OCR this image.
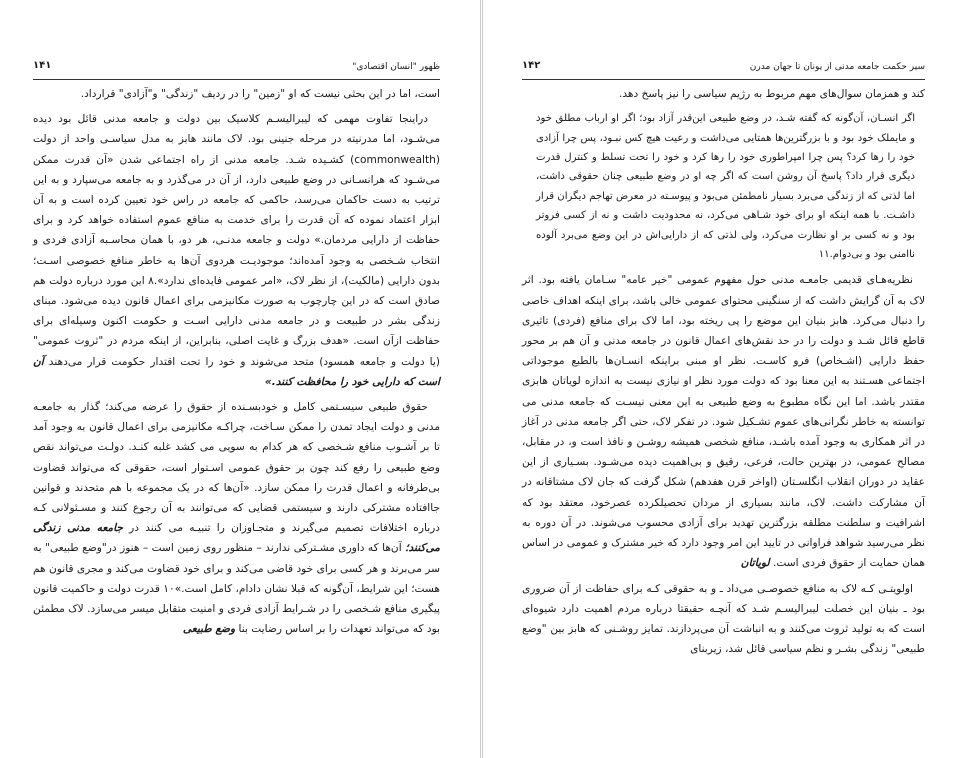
ظهور "انسان اقتصادی"
۱۴۱

است، اما در این بحثی نیست که او "زمین" را در ردیف "زندگی" و"آزادی" قرارداد.

دراینجا تفاوت مهمی که لیبرالیسـم کلاسیک بین دولت و جامعه مدنی قائل بود دیده می‌شـود، اما مدرنیته در مرحله جنینی بود. لاک مانند هابز به مدل سیاسـی واحد از دولت (commonwealth) کشـیده شـد. جامعه مدنی از راه اجتماعی شدن «آن قدرت ممکن می‌شـود که هرانسـانی در وضع طبیعی دارد، از آن در می‌گذرد و به جامعه می‌سپارد و به این ترتیب به دست حاکمان می‌رسد، حاکمی که جامعه در راس خود تعیین کرده است و به آن ابزار اعتماد نموده که آن قدرت را برای خدمت به منافع عموم استفاده خواهد کرد و برای حفاظت از دارایی مردمان.» دولت و جامعه مدنـی، هر دو، با همان محاسـبه آزادی فردی و انتخاب شـخصی به وجود آمده‌اند؛ موجودیـت هردوی آن‌ها به خاطر منافع خصوصی اسـت؛ بدون دارایی (مالکیت)، از نظر لاک، «امر عمومی فایده‌ای ندارد».۸ این مورد درباره دولت هم صادق است که در این چارچوب به صورت مکانیزمی برای اعمال قانون دیده می‌شود. مبنای زندگی بشر در طبیعت و در جامعه مدنی دارایی اسـت و حکومت اکنون وسیله‌ای برای حفاظت ازآن است. «هدف بزرگ و غایت اصلی، بنابراین، از اینکه مردم در "ثروت عمومی" (یا دولت و جامعه همسود) متحد می‌شوند و خود را تحت اقتدار حکومت قرار می‌دهند آن است که دارایی خود را محافظت کنند.»

حقوق طبیعی سیسـتمی کامل و خودبسـنده از حقوق را عرضه می‌کند؛ گذار به جامعـه مدنی و دولت ایجاد تمدن را ممکن سـاخت، چراکـه مکانیزمی برای اعمال قانون به وجود آمد تا بر آشـوب منافع شـخصی که هر کدام به سویی می کشد غلبه کنـد. دولـت می‌تواند نقص وضع طبیعی را رفع کند چون بر حقوق عمومی اسـتوار است، حقوقی که می‌تواند قضاوت بی‌طرفانه و اعمال قدرت را ممکن سازد. «آن‌ها که در یک مجموعه با هم متحدند و قوانین جاافتاده مشترکی دارند و سیستمی قضایی که می‌توانند به آن رجوع کنند و مسـئولانی کـه درباره اختلافات تصمیم می‌گیرند و متجـاوزان را تنبیـه می کنند در جامعه مدنی زندگی می‌کنند؛ آن‌ها که داوری مشـترکی ندارند – منظور روی زمین است – هنوز در"وضع طبیعی" به سر می‌برند و هر کسی برای خود قاضی می‌کند و برای خود قضاوت می‌کند و مجری قانون هم هست؛ این شرایط، آن‌گونه که قبلا نشان دادام، کامل است.»۱۰ قدرت دولت و حاکمیت قانون پیگیری منافع شـخصی را در شـرایط آزادی فردی و امنیت متقابل میسر می‌سازد. لاک مطمئن بود که می‌تواند تعهدات را بر اساس رضایت بنا وضع طبیعی

سیر حکمت جامعه مدنی از یونان تا جهان مدرن
۱۴۲

کند و همزمان سوال‌های مهم مربوط به رژیم سیاسی را نیز پاسخ دهد.

اگر انسـان، آن‌گونه که گفته شـد، در وضع طبیعی این‌قدر آزاد بود؛ اگر او ارباب مطلق خود و مایملک خود بود و با بزرگترین‌ها همتایی می‌داشت و رعیت هیچ کس نبـود، پس چرا آزادی خود را رها کرد؟ پس چرا امپراطوری خود را رها کرد و خود را تحت تسلط و کنترل قدرت دیگری قرار داد؟ پاسخ آن روشن است که اگر چه او در وضع طبیعی چنان حقوقی داشت، اما لذتی که از زندگی می‌برد بسیار نامطمئن می‌بود و پیوسـته در معرض تهاجم دیگران قرار داشـت. با همه اینکه او برای خود شـاهی می‌کرد، نه محدودیت داشت و نه از کسی فروتر بود و نه کسی بر او نظارت می‌کرد، ولی لذتی که از دارایی‌اش در این وضع می‌برد آلوده ناامنی بود و بی‌دوام.۱۱

نظریه‌هـای قدیمی جامعـه مدنی حول مفهوم عمومی "خیر عامه" سـامان یافته بود. اثر لاک به آن گرایش داشت که از سنگینی محتوای عمومی خالی باشد، برای اینکه اهداف خاصی را دنبال می‌کرد. هابز بنیان این موضع را پی ریخته بود، اما لاک برای منافع (فردی) تاثیری قاطع قائل شـد و دولت را در حد نقش‌های اعمال قانون در جامعه مدنی و آن هم بر محور حفظ دارایی (اشـخاص) فرو کاسـت. نظر او مبنی براینکه انسـان‌ها بالطبع موجوداتی اجتماعی هسـتند به این معنا بود که دولت مورد نظر او نیازی نیست به اندازه لویاتان هابزی مقتدر باشد. اما این نگاه مطبوع به وضع طبیعی به این معنی نیسـت که جامعه مدنی می توانسته به خاطر نگرانی‌های عموم تشـکیل شود. در تفکر لاک، حتی اگر جامعه مدنی در آغاز در اثر همکاری به وجود آمده باشـد، منافع شخصی همیشه روشـن و نافذ است و، در مقابل، مصالح عمومی، در بهترین حالت، فرعی، رقیق و بی‌اهمیت دیده می‌شـود. بسـیاری از این عقاید در دوران انقلاب انگلسـتان (اواخر قرن هفدهم) شکل گرفت که جان لاک مشتاقانه در آن مشارکت داشت. لاک، مانند بسیاری از مردان تحصیلکرده عصرخود، معتقد بود که اشرافیت و سلطنت مطلقه بزرگترین تهدید برای آزادی محسوب می‌شوند. در آن دوره به نظر می‌رسید شواهد فراوانی در تایید این امر وجود دارد که خیر مشترک و عمومی در اساس همان حمایت از حقوق فردی است. لویاتان

اولویتـی کـه لاک به منافع خصوصـی می‌داد ـ و به حقوقی کـه برای حفاظت از آن ضروری بود ـ بنیان این خصلت لیبرالیسـم شـد که آنچـه حقیقتا درباره مردم اهمیت دارد شیوه‌ای است که به تولید ثروت می‌کنند و به انباشت آن می‌پردازند. تمایز روشـنی که هابز بین "وضع طبیعی" زندگی بشـر و نظم سیاسی قائل شد، زیربنای
